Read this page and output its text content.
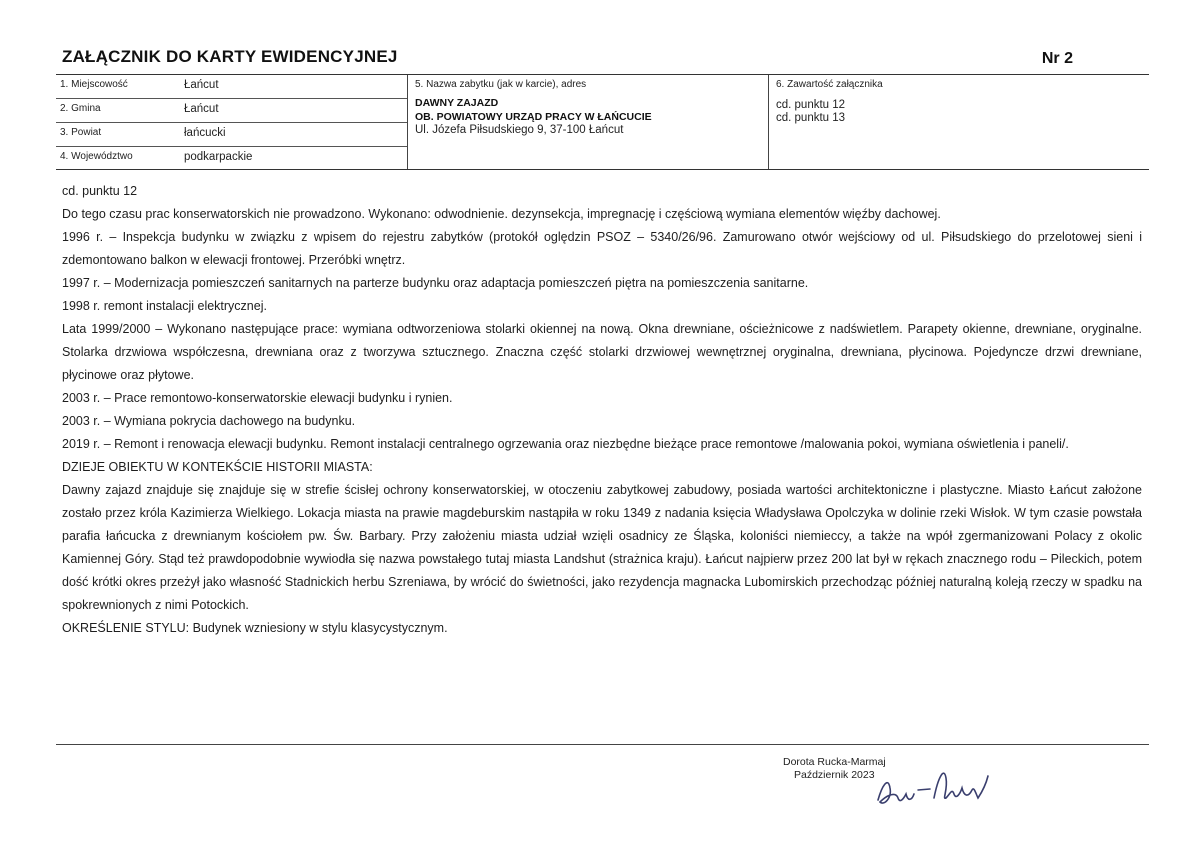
ZAŁĄCZNIK DO KARTY EWIDENCYJNEJ	Nr 2
1. Miejscowość	Łańcut
2. Gmina	Łańcut
3. Powiat	łańcucki
4. Województwo	podkarpackie
5. Nazwa zabytku (jak w karcie), adres
DAWNY ZAJAZD
OB. POWIATOWY URZĄD PRACY W ŁAŃCUCIE
Ul. Józefa Piłsudskiego 9, 37-100 Łańcut
6. Zawartość załącznika
cd. punktu 12
cd. punktu 13

cd. punktu 12

Do tego czasu prac konserwatorskich nie prowadzono. Wykonano: odwodnienie. dezynsekcja, impregnację i częściową wymiana elementów więźby dachowej.

1996 r. – Inspekcja budynku w związku z wpisem do rejestru zabytków (protokół oględzin PSOZ – 5340/26/96. Zamurowano otwór wejściowy od ul. Piłsudskiego do przelotowej sieni i zdemontowano balkon w elewacji frontowej. Przeróbki wnętrz.

1997 r. – Modernizacja pomieszczeń sanitarnych na parterze budynku oraz adaptacja pomieszczeń piętra na pomieszczenia sanitarne.

1998 r. remont instalacji elektrycznej.

Lata 1999/2000 – Wykonano następujące prace: wymiana odtworzeniowa stolarki okiennej na nową. Okna drewniane, ościeżnicowe z nadświetlem. Parapety okienne, drewniane, oryginalne. Stolarka drzwiowa współczesna, drewniana oraz z tworzywa sztucznego. Znaczna część stolarki drzwiowej wewnętrznej oryginalna, drewniana, płycinowa. Pojedyncze drzwi drewniane, płycinowe oraz płytowe.

2003 r. – Prace remontowo-konserwatorskie elewacji budynku i rynien.

2003 r. – Wymiana pokrycia dachowego na budynku.

2019 r. – Remont i renowacja elewacji budynku. Remont instalacji centralnego ogrzewania oraz niezbędne bieżące prace remontowe /malowania pokoi, wymiana oświetlenia i paneli/.

DZIEJE OBIEKTU W KONTEKŚCIE HISTORII MIASTA:

Dawny zajazd znajduje się znajduje się w strefie ścisłej ochrony konserwatorskiej, w otoczeniu zabytkowej zabudowy, posiada wartości architektoniczne i plastyczne. Miasto Łańcut założone zostało przez króla Kazimierza Wielkiego. Lokacja miasta na prawie magdeburskim nastąpiła w roku 1349 z nadania księcia Władysława Opolczyka w dolinie rzeki Wisłok. W tym czasie powstała parafia łańcucka z drewnianym kościołem pw. Św. Barbary. Przy założeniu miasta udział wzięli osadnicy ze Śląska, koloniści niemieccy, a także na wpół zgermanizowani Polacy z okolic Kamiennej Góry. Stąd też prawdopodobnie wywiodła się nazwa powstałego tutaj miasta Landshut (strażnica kraju). Łańcut najpierw przez 200 lat był w rękach znacznego rodu – Pileckich, potem dość krótki okres przeżył jako własność Stadnickich herbu Szreniawa, by wrócić do świetności, jako rezydencja magnacka Lubomirskich przechodząc później naturalną koleją rzeczy w spadku na spokrewnionych z nimi Potockich.

OKREŚLENIE STYLU: Budynek wzniesiony w stylu klasycystycznym.

Dorota Rucka-Marmaj
Październik 2023
